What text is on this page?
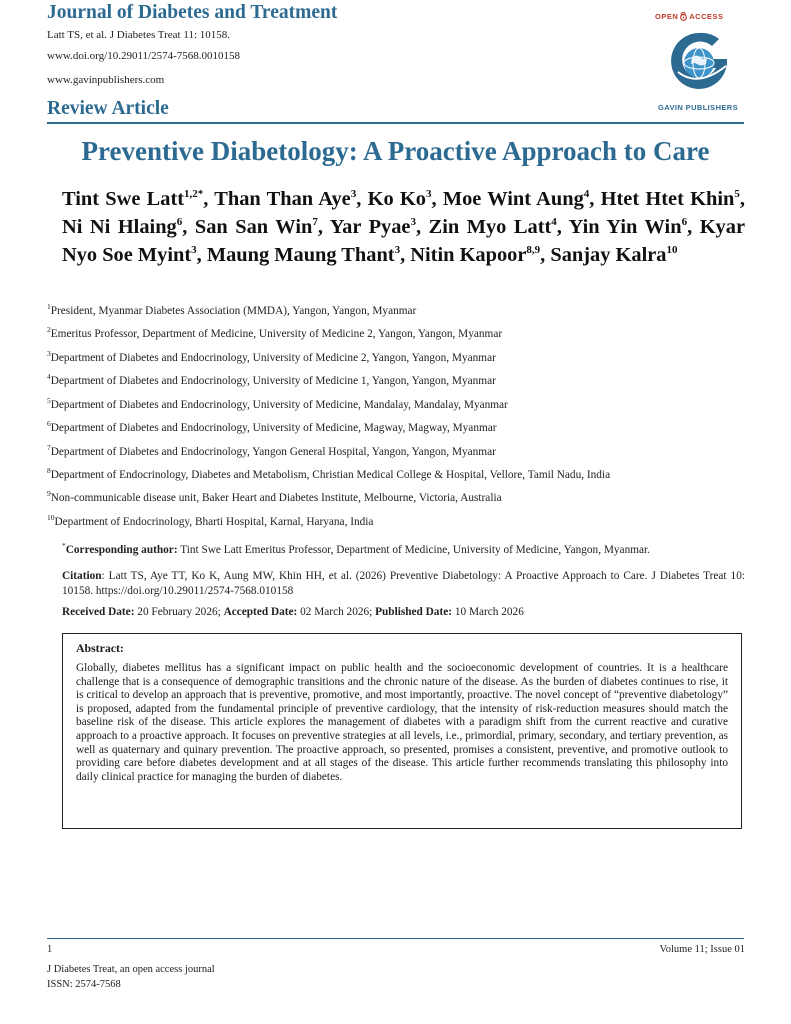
Journal of Diabetes and Treatment
Latt TS, et al. J Diabetes Treat 11: 10158.
www.doi.org/10.29011/2574-7568.0010158
www.gavinpublishers.com
Review Article
OPEN ACCESS
GAVIN PUBLISHERS
Preventive Diabetology: A Proactive Approach to Care
Tint Swe Latt$^{1,2*}$, Than Than Aye$^3$, Ko Ko$^3$, Moe Wint Aung$^4$, Htet Htet Khin$^5$, Ni Ni Hlaing$^6$, San San Win$^7$, Yar Pyae$^3$, Zin Myo Latt$^4$, Yin Yin Win$^6$, Kyar Nyo Soe Myint$^3$, Maung Maung Thant$^3$, Nitin Kapoor$^{8,9}$, Sanjay Kalra$^{10}$
$^1$President, Myanmar Diabetes Association (MMDA), Yangon, Yangon, Myanmar
$^2$Emeritus Professor, Department of Medicine, University of Medicine 2, Yangon, Yangon, Myanmar
$^3$Department of Diabetes and Endocrinology, University of Medicine 2, Yangon, Yangon, Myanmar
$^4$Department of Diabetes and Endocrinology, University of Medicine 1, Yangon, Yangon, Myanmar
$^5$Department of Diabetes and Endocrinology, University of Medicine, Mandalay, Mandalay, Myanmar
$^6$Department of Diabetes and Endocrinology, University of Medicine, Magway, Magway, Myanmar
$^7$Department of Diabetes and Endocrinology, Yangon General Hospital, Yangon, Yangon, Myanmar
$^8$Department of Endocrinology, Diabetes and Metabolism, Christian Medical College & Hospital, Vellore, Tamil Nadu, India
$^9$Non-communicable disease unit, Baker Heart and Diabetes Institute, Melbourne, Victoria, Australia
$^{10}$Department of Endocrinology, Bharti Hospital, Karnal, Haryana, India
*Corresponding author: Tint Swe Latt Emeritus Professor, Department of Medicine, University of Medicine, Yangon, Myanmar.
Citation: Latt TS, Aye TT, Ko K, Aung MW, Khin HH, et al. (2026) Preventive Diabetology: A Proactive Approach to Care. J Diabetes Treat 10: 10158. https://doi.org/10.29011/2574-7568.010158
Received Date: 20 February 2026; Accepted Date: 02 March 2026; Published Date: 10 March 2026

Abstract:

Globally, diabetes mellitus has a significant impact on public health and the socioeconomic development of countries. It is a healthcare challenge that is a consequence of demographic transitions and the chronic nature of the disease. As the burden of diabetes continues to rise, it is critical to develop an approach that is preventive, promotive, and most importantly, proactive. The novel concept of “preventive diabetology” is proposed, adapted from the fundamental principle of preventive cardiology, that the intensity of risk-reduction measures should match the baseline risk of the disease. This article explores the management of diabetes with a paradigm shift from the current reactive and curative approach to a proactive approach. It focuses on preventive strategies at all levels, i.e., primordial, primary, secondary, and tertiary prevention, as well as quaternary and quinary prevention. The proactive approach, so presented, promises a consistent, preventive, and promotive outlook to providing care before diabetes development and at all stages of the disease. This article further recommends translating this philosophy into daily clinical practice for managing the burden of diabetes.

1	Volume 11; Issue 01
J Diabetes Treat, an open access journal
ISSN: 2574-7568
